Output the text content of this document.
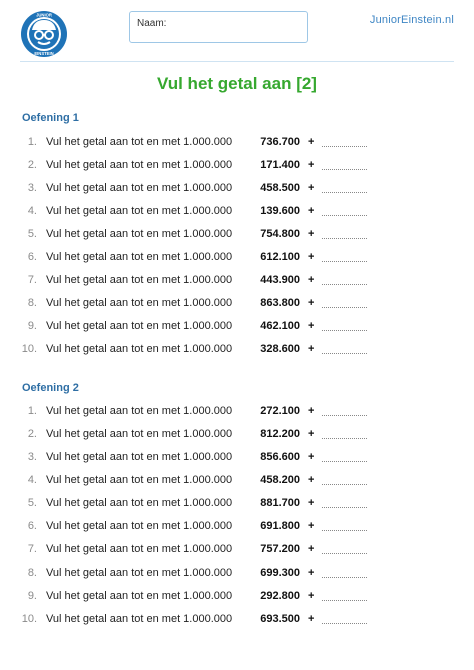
JUNIOR
EINSTEIN
Naam:	JuniorEinstein.nl
Vul het getal aan [2]
Oefening 1
1. Vul het getal aan tot en met 1.000.000	736.700 +
2. Vul het getal aan tot en met 1.000.000	171.400 +
3. Vul het getal aan tot en met 1.000.000	458.500 +
4. Vul het getal aan tot en met 1.000.000	139.600 +
5. Vul het getal aan tot en met 1.000.000	754.800 +
6. Vul het getal aan tot en met 1.000.000	612.100 +
7. Vul het getal aan tot en met 1.000.000	443.900 +
8. Vul het getal aan tot en met 1.000.000	863.800 +
9. Vul het getal aan tot en met 1.000.000	462.100 +
10. Vul het getal aan tot en met 1.000.000	328.600 +
Oefening 2
1. Vul het getal aan tot en met 1.000.000	272.100 +
2. Vul het getal aan tot en met 1.000.000	812.200 +
3. Vul het getal aan tot en met 1.000.000	856.600 +
4. Vul het getal aan tot en met 1.000.000	458.200 +
5. Vul het getal aan tot en met 1.000.000	881.700 +
6. Vul het getal aan tot en met 1.000.000	691.800 +
7. Vul het getal aan tot en met 1.000.000	757.200 +
8. Vul het getal aan tot en met 1.000.000	699.300 +
9. Vul het getal aan tot en met 1.000.000	292.800 +
10. Vul het getal aan tot en met 1.000.000	693.500 +
